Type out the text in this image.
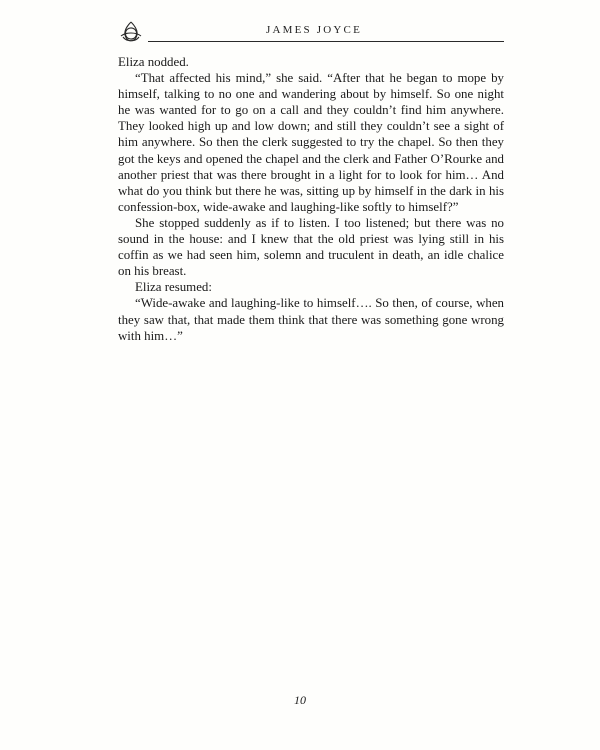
JAMES JOYCE

Eliza nodded.

“That affected his mind,” she said. “After that he began to mope by himself, talking to no one and wandering about by himself. So one night he was wanted for to go on a call and they couldn’t find him anywhere. They looked high up and low down; and still they couldn’t see a sight of him anywhere. So then the clerk suggested to try the chapel. So then they got the keys and opened the chapel and the clerk and Father O’Rourke and another priest that was there brought in a light for to look for him… And what do you think but there he was, sitting up by himself in the dark in his confession-box, wide-awake and laughing-like softly to himself?”

She stopped suddenly as if to listen. I too listened; but there was no sound in the house: and I knew that the old priest was lying still in his coffin as we had seen him, solemn and truculent in death, an idle chalice on his breast.

Eliza resumed:

“Wide-awake and laughing-like to himself…. So then, of course, when they saw that, that made them think that there was something gone wrong with him…”

10
